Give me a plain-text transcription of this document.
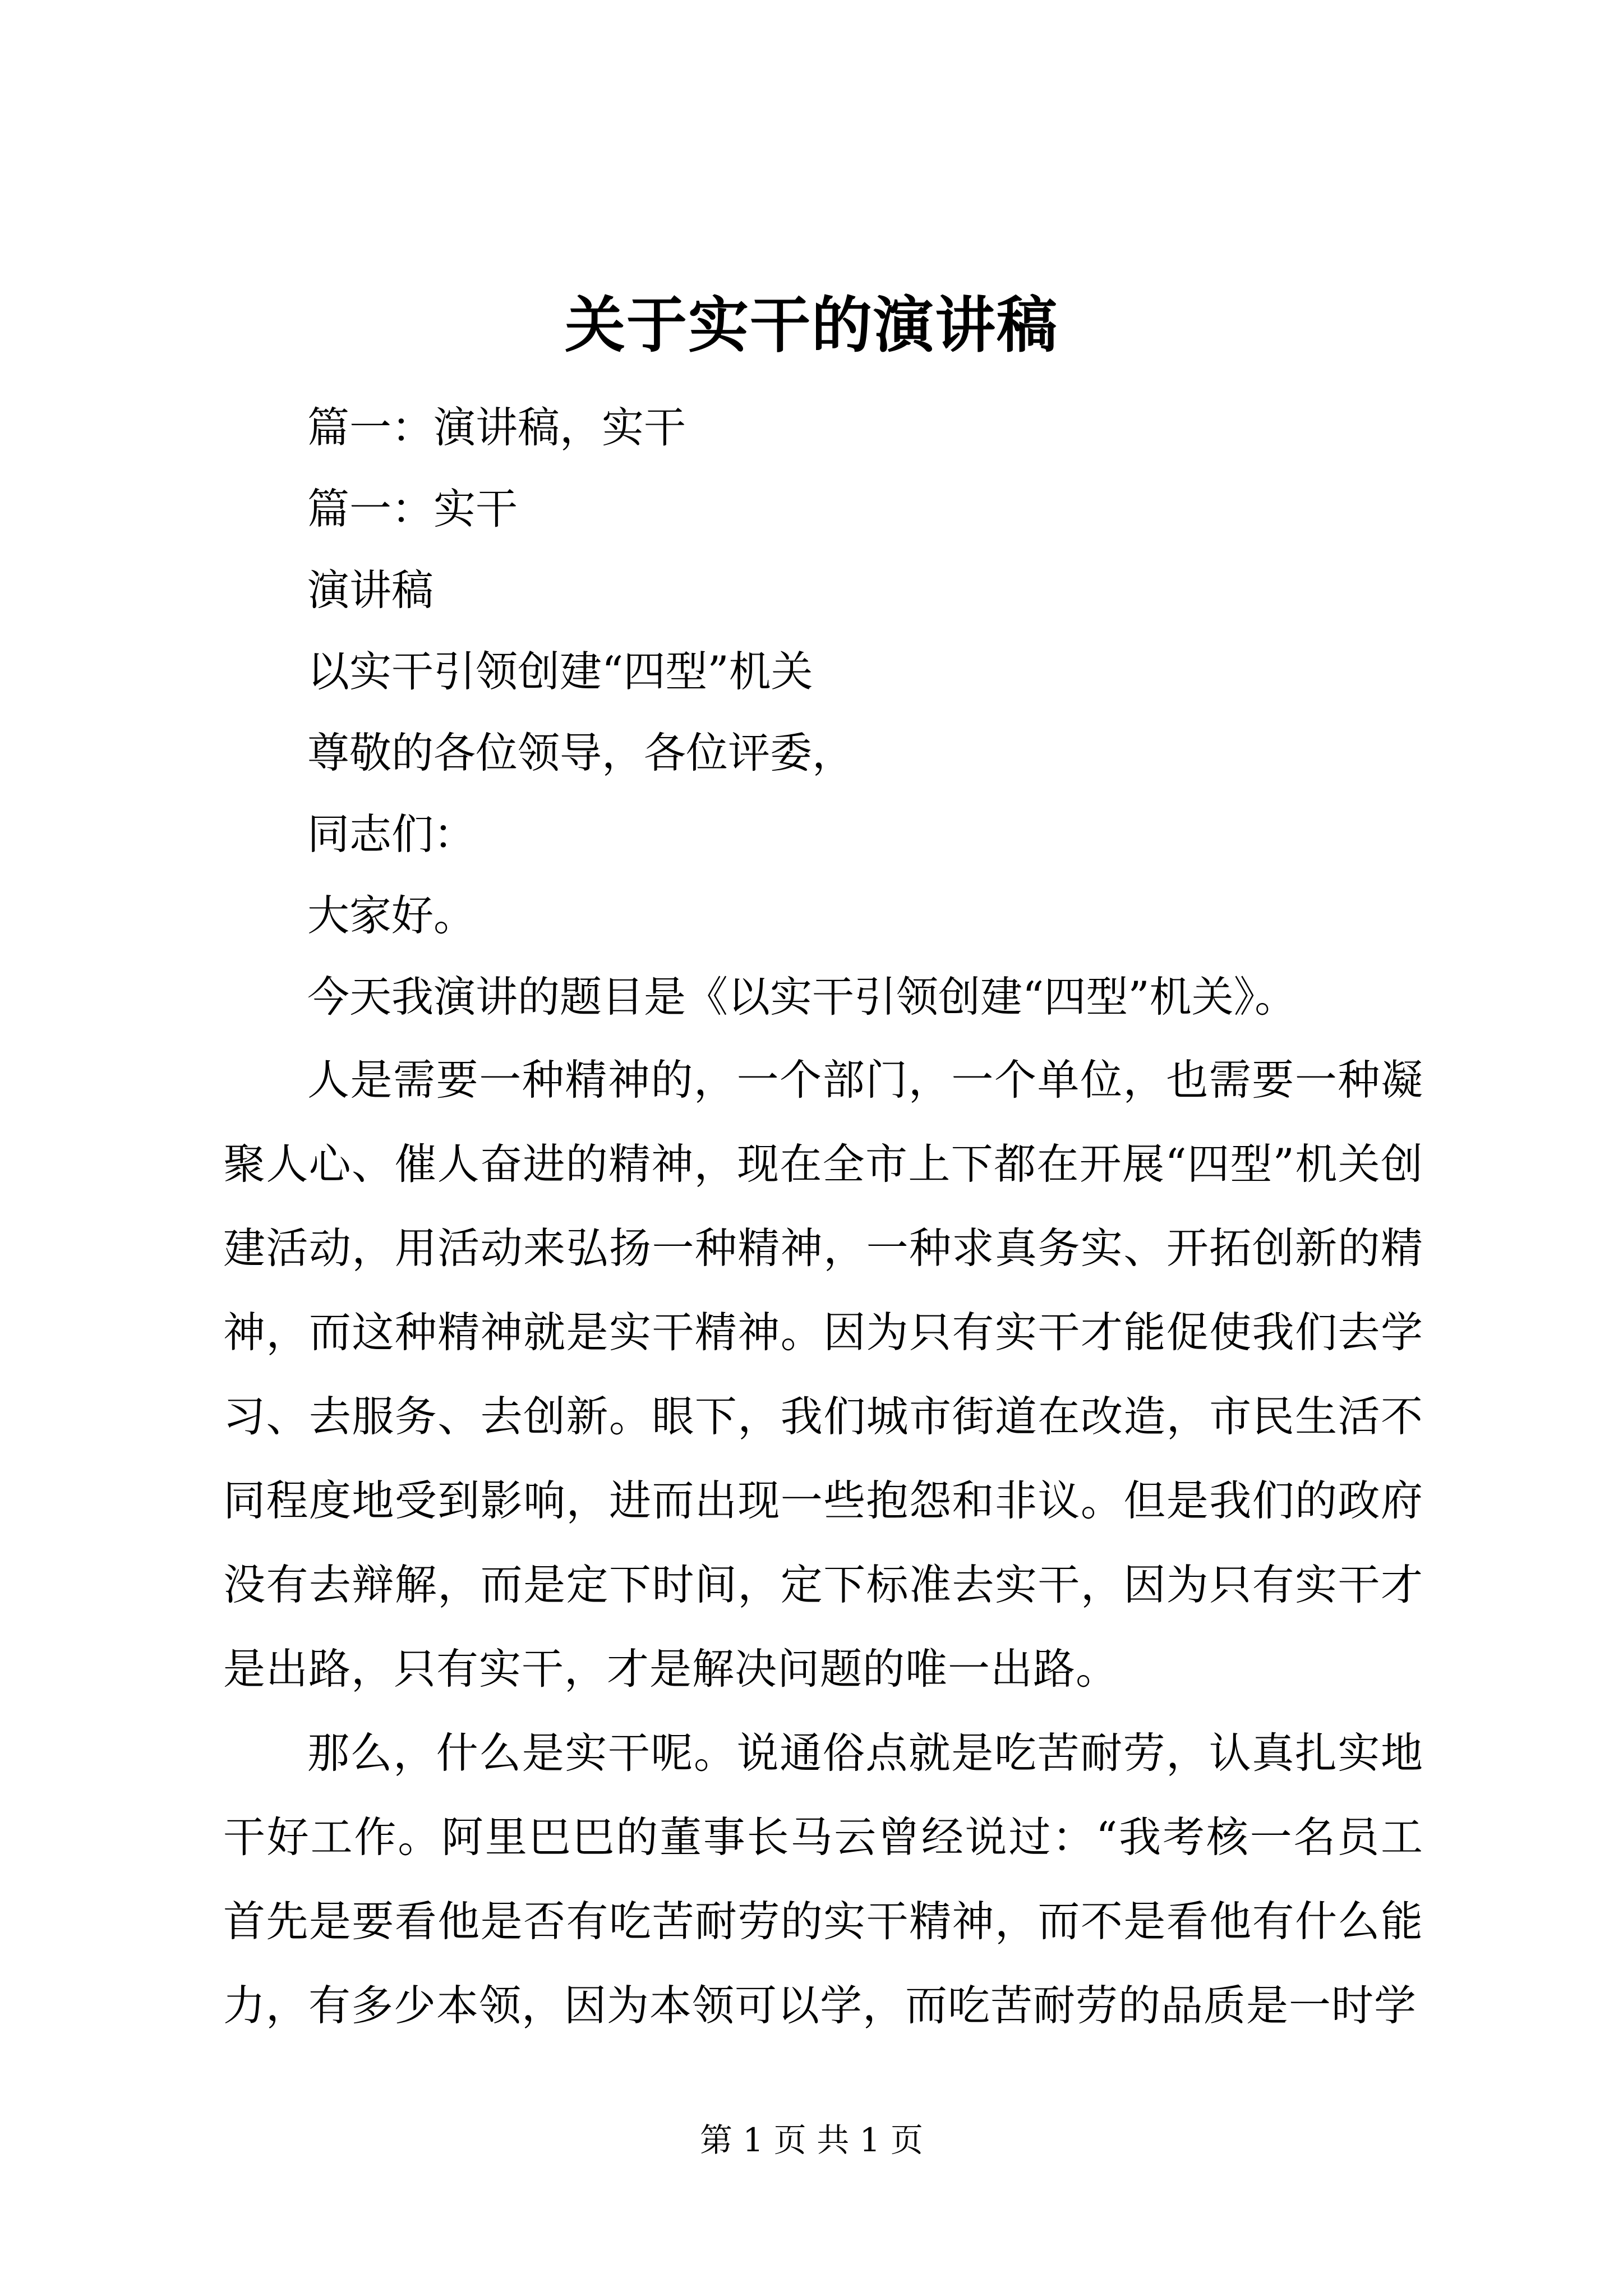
关于实干的演讲稿
篇一：演讲稿，实干
篇一：实干
演讲稿
以实干引领创建“四型”机关
尊敬的各位领导，各位评委，
同志们：
大家好。
今天我演讲的题目是《以实干引领创建“四型”机关》。

人是需要一种精神的，一个部门，一个单位，也需要一种凝聚人心、催人奋进的精神，现在全市上下都在开展“四型”机关创建活动，用活动来弘扬一种精神，一种求真务实、开拓创新的精神，而这种精神就是实干精神。因为只有实干才能促使我们去学习、去服务、去创新。眼下，我们城市街道在改造，市民生活不同程度地受到影响，进而出现一些抱怨和非议。但是我们的政府没有去辩解，而是定下时间，定下标准去实干，因为只有实干才是出路，只有实干，才是解决问题的唯一出路。

那么，什么是实干呢。说通俗点就是吃苦耐劳，认真扎实地干好工作。阿里巴巴的董事长马云曾经说过：“我考核一名员工首先是要看他是否有吃苦耐劳的实干精神，而不是看他有什么能力，有多少本领，因为本领可以学，而吃苦耐劳的品质是一时学

第 1 页 共 1 页
